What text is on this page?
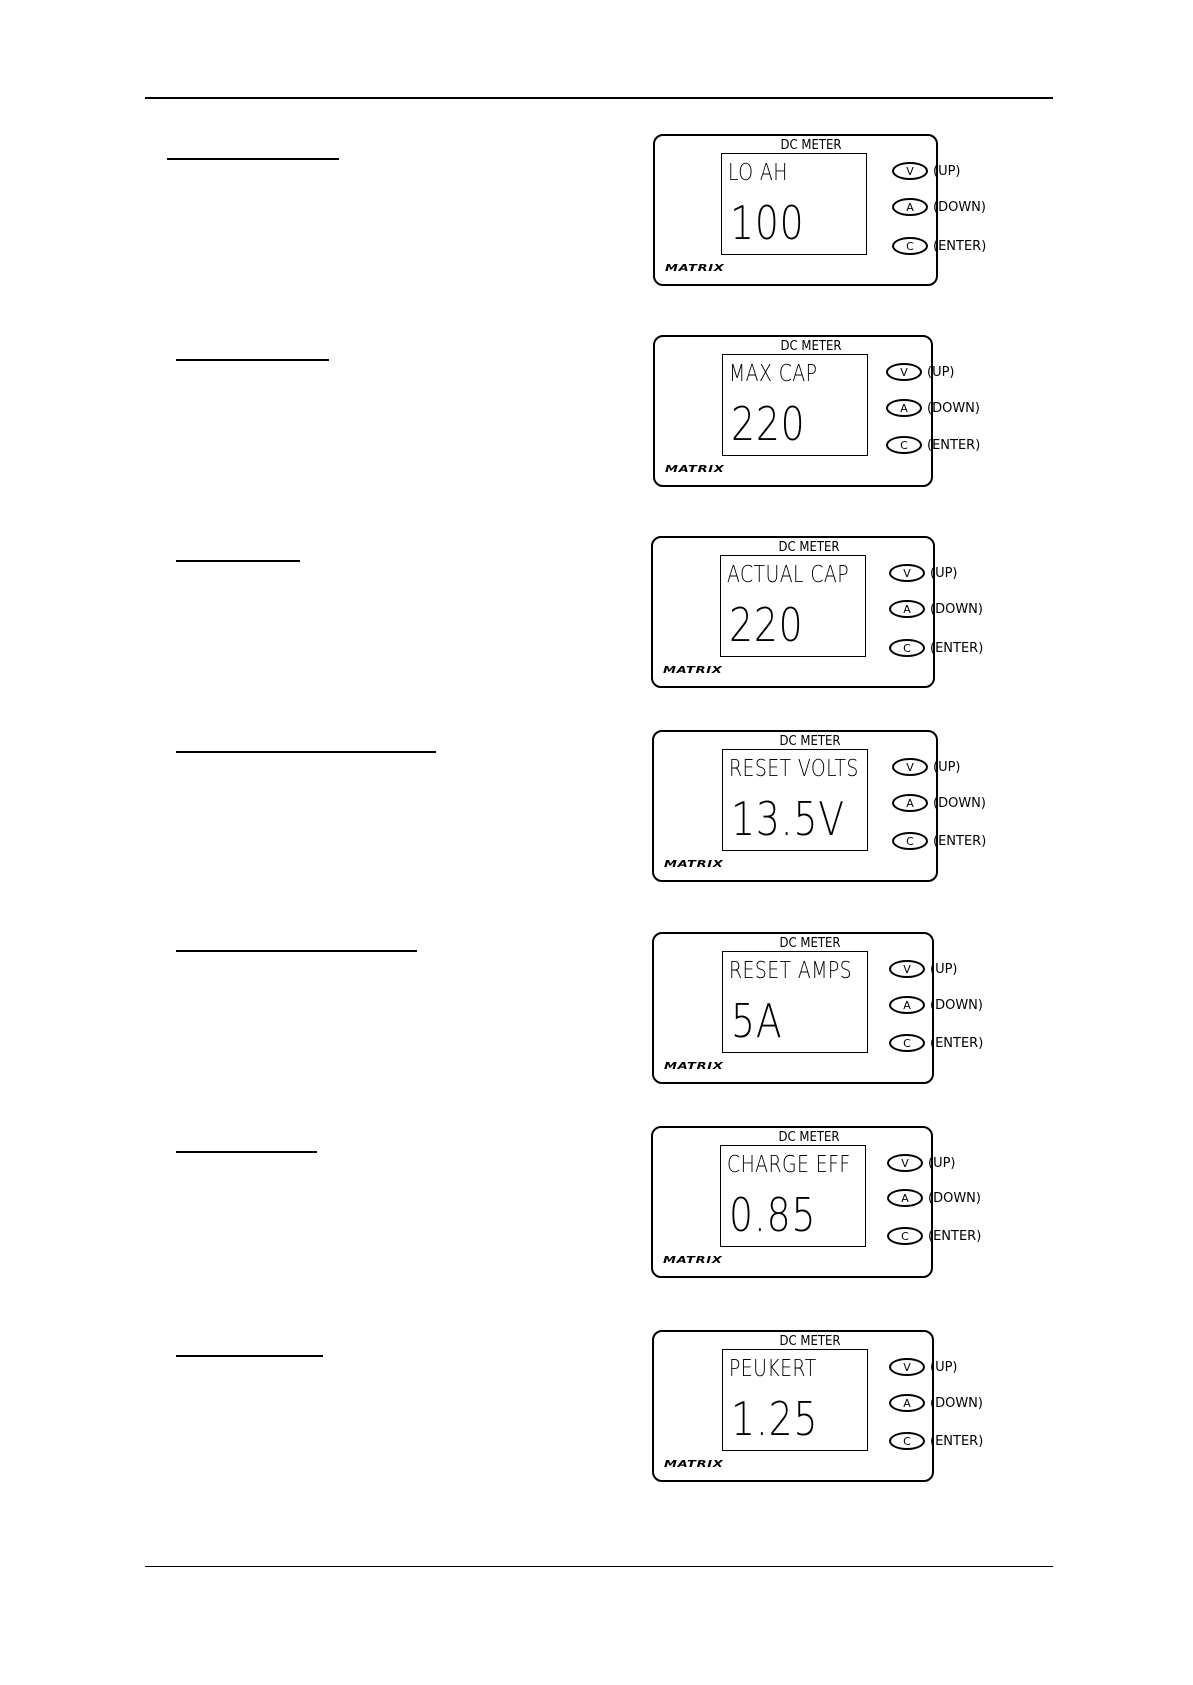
DC METER
LO AH
100
MATRIX
V	(UP)
A	(DOWN)
C	(ENTER)
DC METER
MAX CAP
220
MATRIX
V	(UP)
A	(DOWN)
C	(ENTER)
DC METER
ACTUAL CAP
220
MATRIX
V	(UP)
A	(DOWN)
C	(ENTER)
DC METER
RESET VOLTS
13.5V
MATRIX
V	(UP)
A	(DOWN)
C	(ENTER)
DC METER
RESET AMPS
5A
MATRIX
V	(UP)
A	(DOWN)
C	(ENTER)
DC METER
CHARGE EFF
0.85
MATRIX
V	(UP)
A	(DOWN)
C	(ENTER)
DC METER
PEUKERT
1.25
MATRIX
V	(UP)
A	(DOWN)
C	(ENTER)
